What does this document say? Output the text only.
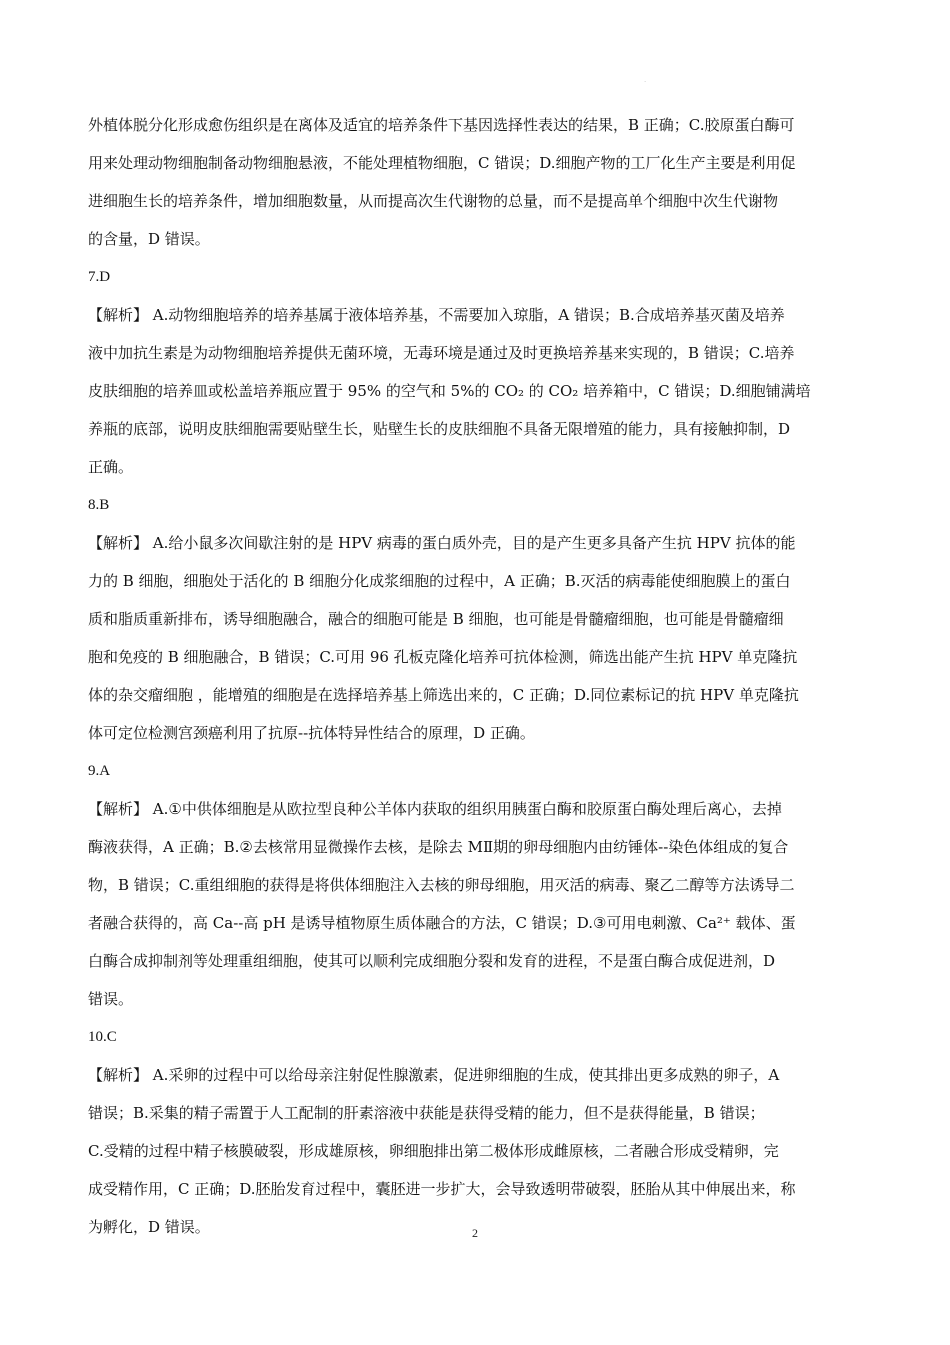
·
外植体脱分化形成愈伤组织是在离体及适宜的培养条件下基因选择性表达的结果，B 正确；C.胶原蛋白酶可
用来处理动物细胞制备动物细胞悬液，不能处理植物细胞，C 错误；D.细胞产物的工厂化生产主要是利用促
进细胞生长的培养条件，增加细胞数量，从而提高次生代谢物的总量，而不是提高单个细胞中次生代谢物
的含量，D 错误。
7.D
【解析】 A.动物细胞培养的培养基属于液体培养基，不需要加入琼脂，A 错误；B.合成培养基灭菌及培养
液中加抗生素是为动物细胞培养提供无菌环境，无毒环境是通过及时更换培养基来实现的，B 错误；C.培养
皮肤细胞的培养皿或松盖培养瓶应置于 95% 的空气和 5%的 CO₂ 的 CO₂ 培养箱中，C 错误；D.细胞铺满培
养瓶的底部，说明皮肤细胞需要贴壁生长，贴壁生长的皮肤细胞不具备无限增殖的能力，具有接触抑制，D
正确。
8.B
【解析】 A.给小鼠多次间歇注射的是 HPV 病毒的蛋白质外壳，目的是产生更多具备产生抗 HPV 抗体的能
力的 B 细胞，细胞处于活化的 B 细胞分化成浆细胞的过程中，A 正确；B.灭活的病毒能使细胞膜上的蛋白
质和脂质重新排布，诱导细胞融合，融合的细胞可能是 B 细胞，也可能是骨髓瘤细胞，也可能是骨髓瘤细
胞和免疫的 B 细胞融合，B 错误；C.可用 96 孔板克隆化培养可抗体检测，筛选出能产生抗 HPV 单克隆抗
体的杂交瘤细胞 ，能增殖的细胞是在选择培养基上筛选出来的，C 正确；D.同位素标记的抗 HPV 单克隆抗
体可定位检测宫颈癌利用了抗原--抗体特异性结合的原理，D 正确。
9.A
【解析】 A.①中供体细胞是从欧拉型良种公羊体内获取的组织用胰蛋白酶和胶原蛋白酶处理后离心，去掉
酶液获得，A 正确；B.②去核常用显微操作去核，是除去 MⅡ期的卵母细胞内由纺锤体--染色体组成的复合
物，B 错误；C.重组细胞的获得是将供体细胞注入去核的卵母细胞，用灭活的病毒、聚乙二醇等方法诱导二
者融合获得的，高 Ca--高 pH 是诱导植物原生质体融合的方法，C 错误；D.③可用电刺激、Ca²⁺ 载体、蛋
白酶合成抑制剂等处理重组细胞，使其可以顺利完成细胞分裂和发育的进程，不是蛋白酶合成促进剂，D
错误。
10.C
【解析】 A.采卵的过程中可以给母亲注射促性腺激素，促进卵细胞的生成，使其排出更多成熟的卵子，A
错误；B.采集的精子需置于人工配制的肝素溶液中获能是获得受精的能力，但不是获得能量，B 错误；
C.受精的过程中精子核膜破裂，形成雄原核，卵细胞排出第二极体形成雌原核，二者融合形成受精卵，完
成受精作用，C 正确；D.胚胎发育过程中，囊胚进一步扩大，会导致透明带破裂，胚胎从其中伸展出来，称
为孵化，D 错误。	2
